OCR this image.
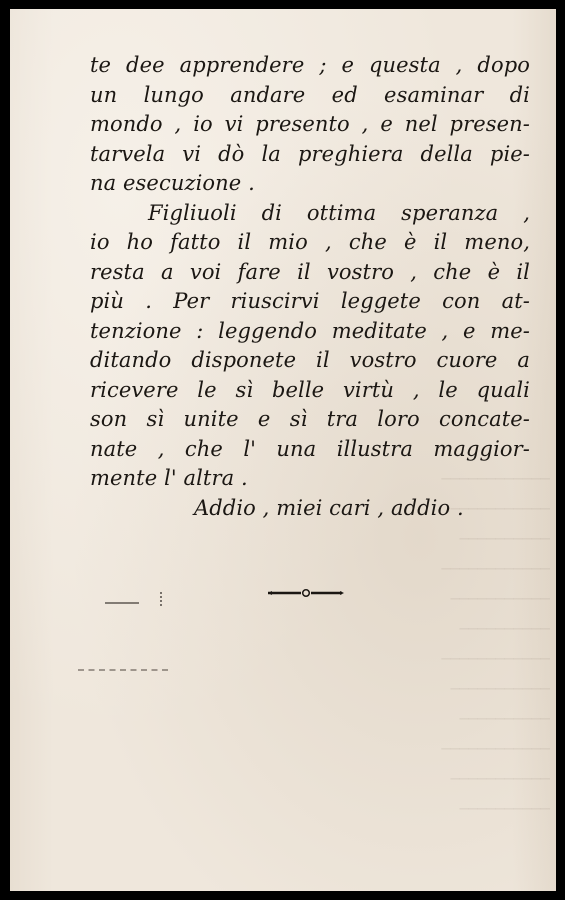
────────────
───────────
──────────
────────────
───────────
──────────
────────────
───────────
──────────
────────────
───────────
──────────
te dee apprendere ; e questa , dopo
un lungo andare ed esaminar di
mondo , io vi presento , e nel presen-
tarvela vi dò la preghiera della pie-
na esecuzione .
Figliuoli di ottima speranza ,
io ho fatto il mio , che è il meno,
resta a voi fare il vostro , che è il
più . Per riuscirvi leggete con at-
tenzione : leggendo meditate , e me-
ditando disponete il vostro cuore a
ricevere le sì belle virtù , le quali
son sì unite e sì tra loro concate-
nate , che l' una illustra maggior-
mente l' altra .
Addio , miei cari , addio .
